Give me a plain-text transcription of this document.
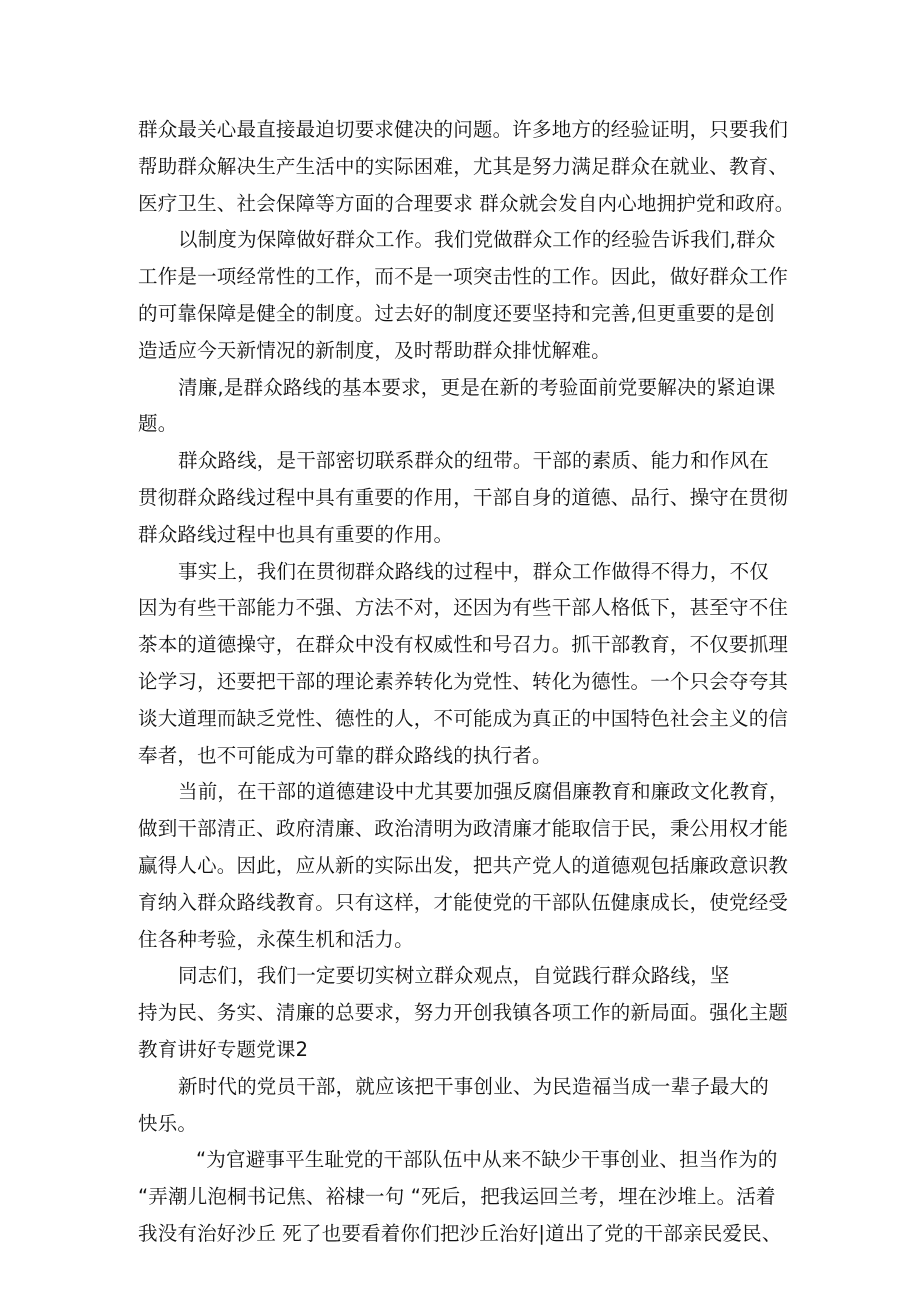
群众最关心最直接最迫切要求健决的问题。许多地方的经验证明，只要我们
帮助群众解决生产生活中的实际困难，尤其是努力满足群众在就业、教育、
医疗卫生、社会保障等方面的合理要求 群众就会发自内心地拥护党和政府。
以制度为保障做好群众工作。我们党做群众工作的经验告诉我们,群众
工作是一项经常性的工作，而不是一项突击性的工作。因此，做好群众工作
的可靠保障是健全的制度。过去好的制度还要坚持和完善,但更重要的是创
造适应今天新情况的新制度，及时帮助群众排忧解难。
清廉,是群众路线的基本要求，更是在新的考验面前党要解决的紧迫课
题。
群众路线，是干部密切联系群众的纽带。干部的素质、能力和作风在
贯彻群众路线过程中具有重要的作用，干部自身的道德、品行、操守在贯彻
群众路线过程中也具有重要的作用。
事实上，我们在贯彻群众路线的过程中，群众工作做得不得力，不仅
因为有些干部能力不强、方法不对，还因为有些干部人格低下，甚至守不住
茶本的道德操守，在群众中没有权威性和号召力。抓干部教育，不仅要抓理
论学习，还要把干部的理论素养转化为党性、转化为德性。一个只会夺夸其
谈大道理而缺乏党性、德性的人，不可能成为真正的中国特色社会主义的信
奉者，也不可能成为可靠的群众路线的执行者。
当前，在干部的道德建设中尤其要加强反腐倡廉教育和廉政文化教育，
做到干部清正、政府清廉、政治清明为政清廉才能取信于民，秉公用权才能
赢得人心。因此，应从新的实际出发，把共产党人的道德观包括廉政意识教
育纳入群众路线教育。只有这样，才能使党的干部队伍健康成长，使党经受
住各种考验，永葆生机和活力。
同志们，我们一定要切实树立群众观点，自觉践行群众路线，坚
持为民、务实、清廉的总要求，努力开创我镇各项工作的新局面。强化主题
教育讲好专题党课2
新时代的党员干部，就应该把干事创业、为民造福当成一辈子最大的
快乐。
“为官避事平生耻党的干部队伍中从来不缺少干事创业、担当作为的
“弄潮儿泡桐书记焦、裕棣一句 “死后，把我运回兰考，埋在沙堆上。活着
我没有治好沙丘 死了也要看着你们把沙丘治好|道出了党的干部亲民爱民、
